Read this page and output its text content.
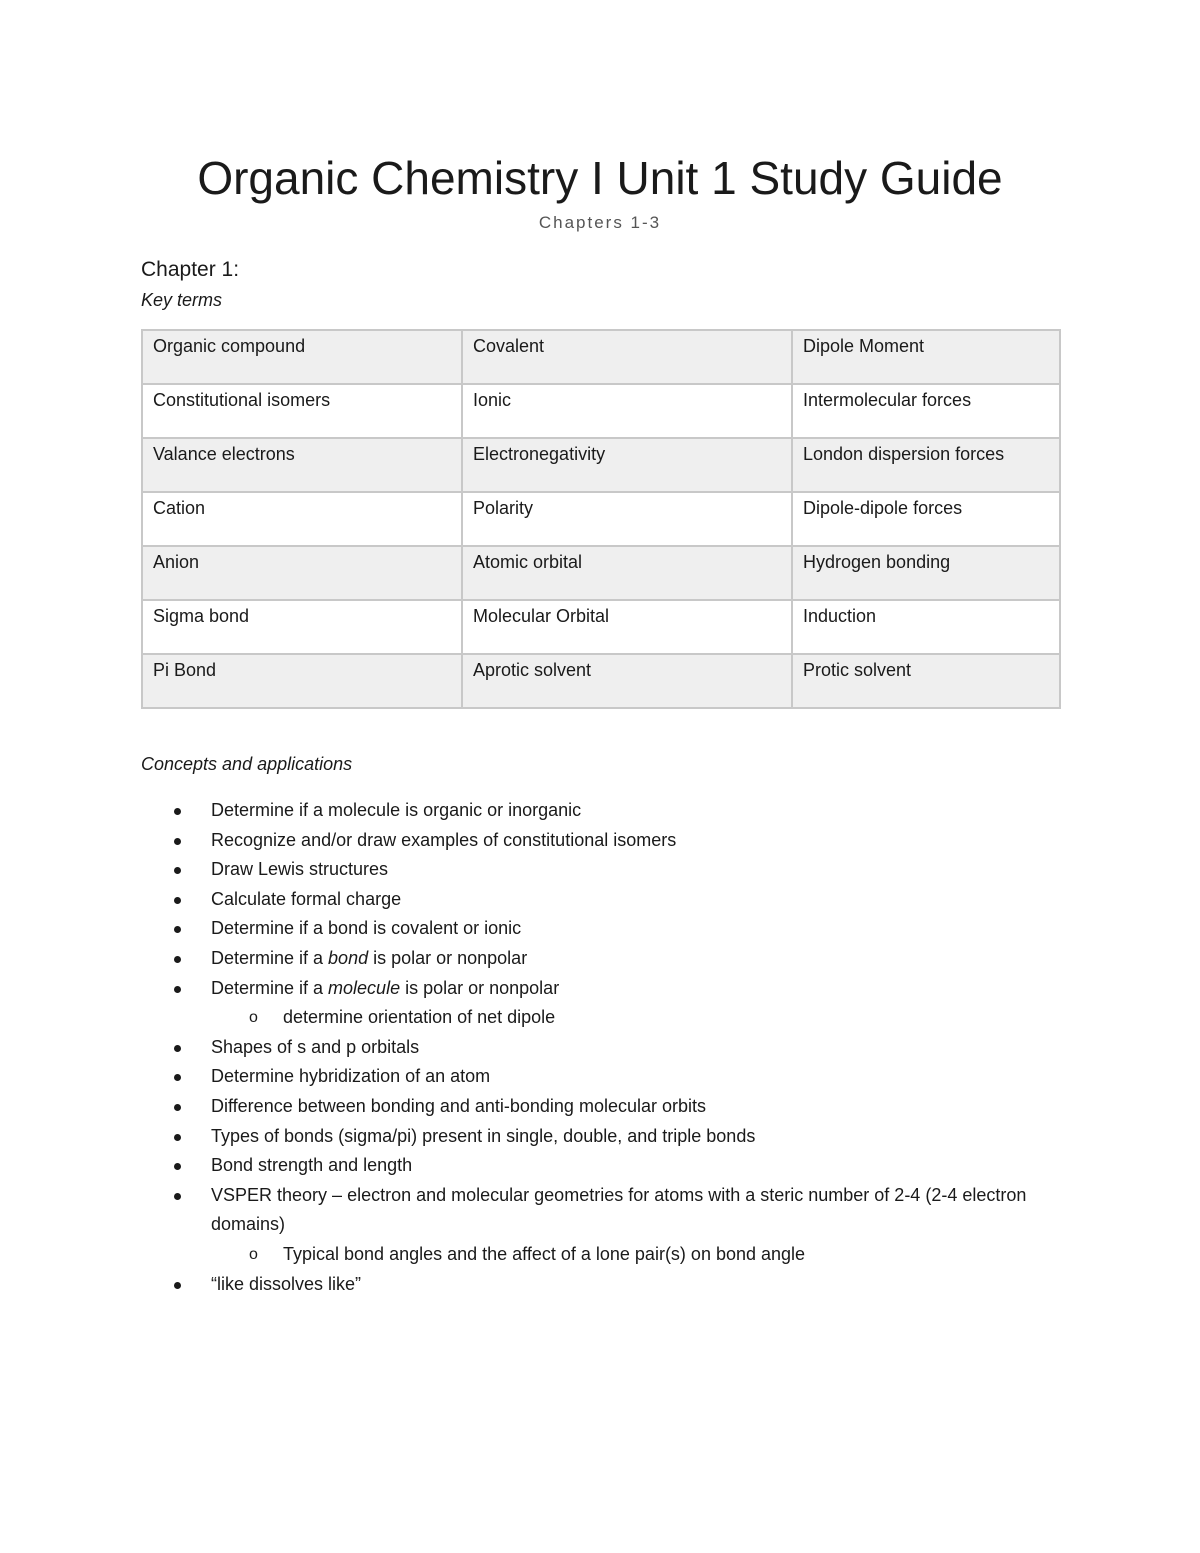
Organic Chemistry I Unit 1 Study Guide
Chapters 1-3
Chapter 1:
Key terms
Organic compound	Covalent	Dipole Moment
Constitutional isomers	Ionic	Intermolecular forces
Valance electrons	Electronegativity	London dispersion forces
Cation	Polarity	Dipole-dipole forces
Anion	Atomic orbital	Hydrogen bonding
Sigma bond	Molecular Orbital	Induction
Pi Bond	Aprotic solvent	Protic solvent
Concepts and applications
Determine if a molecule is organic or inorganic
Recognize and/or draw examples of constitutional isomers
Draw Lewis structures
Calculate formal charge
Determine if a bond is covalent or ionic
Determine if a bond is polar or nonpolar
Determine if a molecule is polar or nonpolar
o determine orientation of net dipole
Shapes of s and p orbitals
Determine hybridization of an atom
Difference between bonding and anti-bonding molecular orbits
Types of bonds (sigma/pi) present in single, double, and triple bonds
Bond strength and length
VSPER theory – electron and molecular geometries for atoms with a steric number of 2-4 (2-4 electron domains)
o Typical bond angles and the affect of a lone pair(s) on bond angle
“like dissolves like”
